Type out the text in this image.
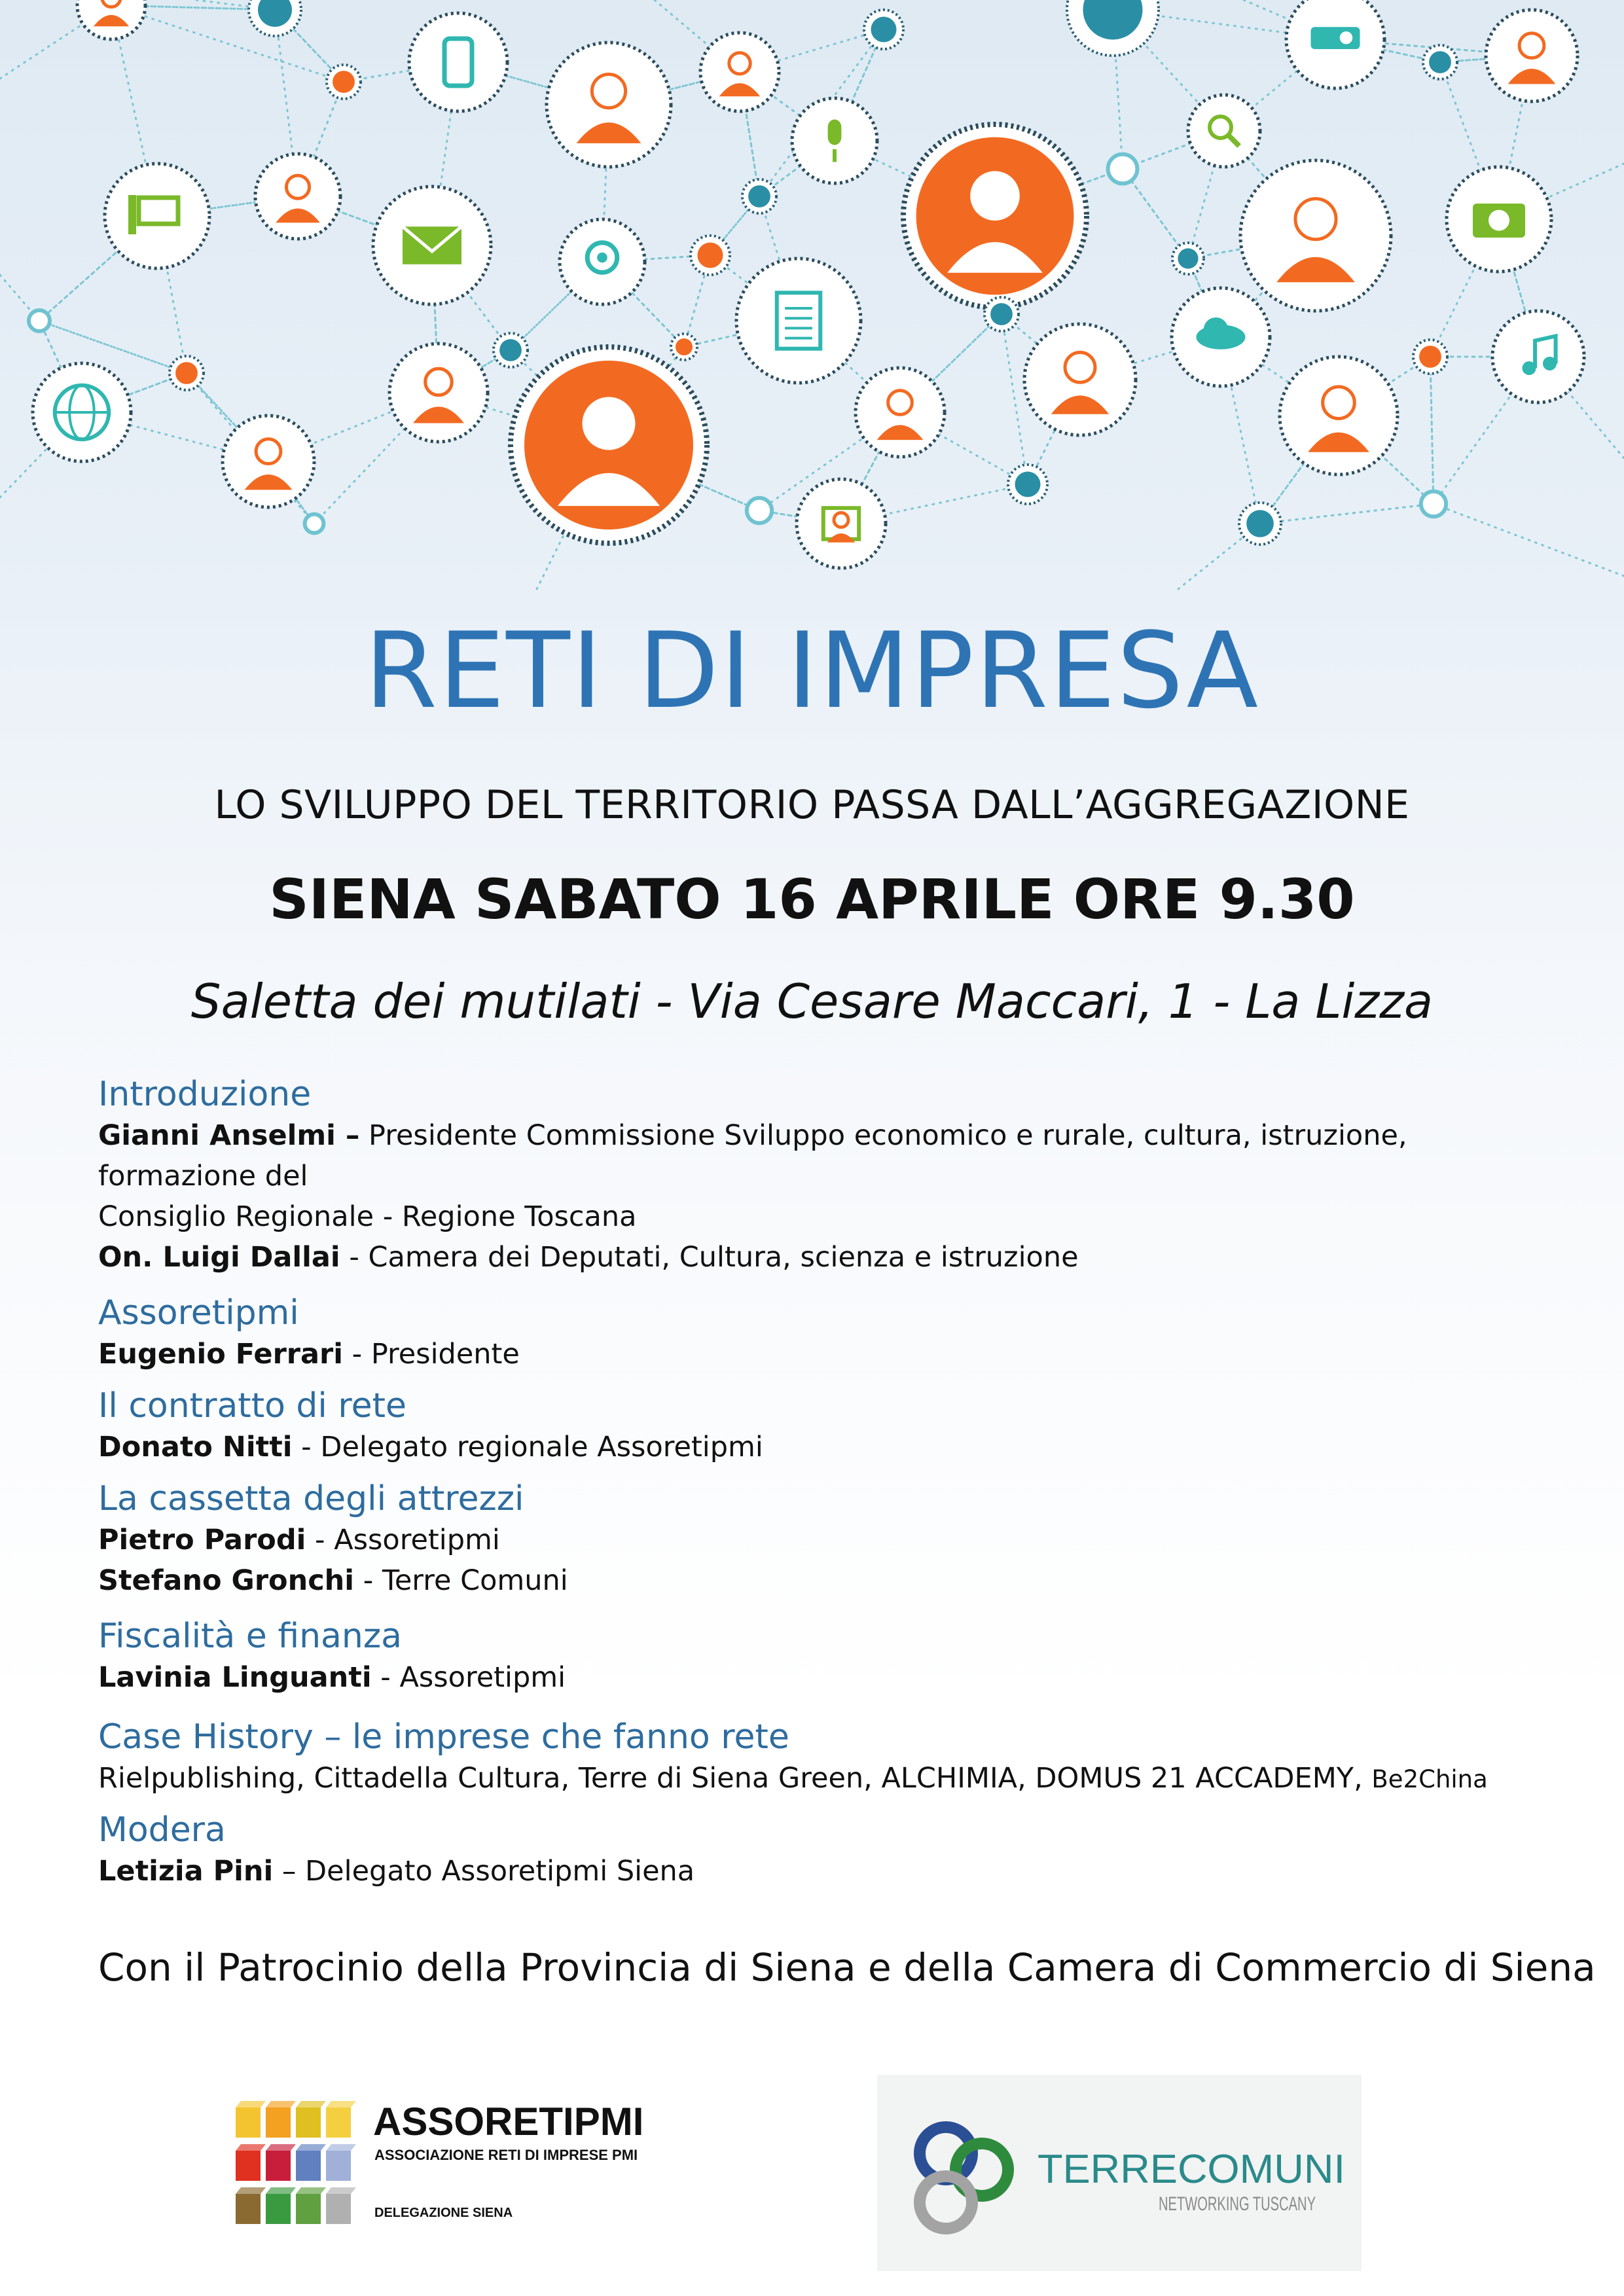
RETI DI IMPRESA
LO SVILUPPO DEL TERRITORIO PASSA DALL’AGGREGAZIONE
SIENA SABATO 16 APRILE ORE 9.30
Saletta dei mutilati - Via Cesare Maccari, 1 - La Lizza
Introduzione
Gianni Anselmi – Presidente Commissione Sviluppo economico e rurale, cultura, istruzione, formazione del
Consiglio Regionale - Regione Toscana
On. Luigi Dallai - Camera dei Deputati, Cultura, scienza e istruzione
Assoretipmi
Eugenio Ferrari - Presidente
Il contratto di rete
Donato Nitti - Delegato regionale Assoretipmi
La cassetta degli attrezzi
Pietro Parodi - Assoretipmi
Stefano Gronchi - Terre Comuni
Fiscalità e finanza
Lavinia Linguanti - Assoretipmi
Case History – le imprese che fanno rete
Rielpublishing, Cittadella Cultura, Terre di Siena Green, ALCHIMIA, DOMUS 21 ACCADEMY, Be2China
Modera
Letizia Pini – Delegato Assoretipmi Siena
Con il Patrocinio della Provincia di Siena e della Camera di Commercio di Siena
ASSORETIPMI
ASSOCIAZIONE RETI DI IMPRESE PMI
DELEGAZIONE SIENA
TERRECOMUNI
NETWORKING TUSCANY
